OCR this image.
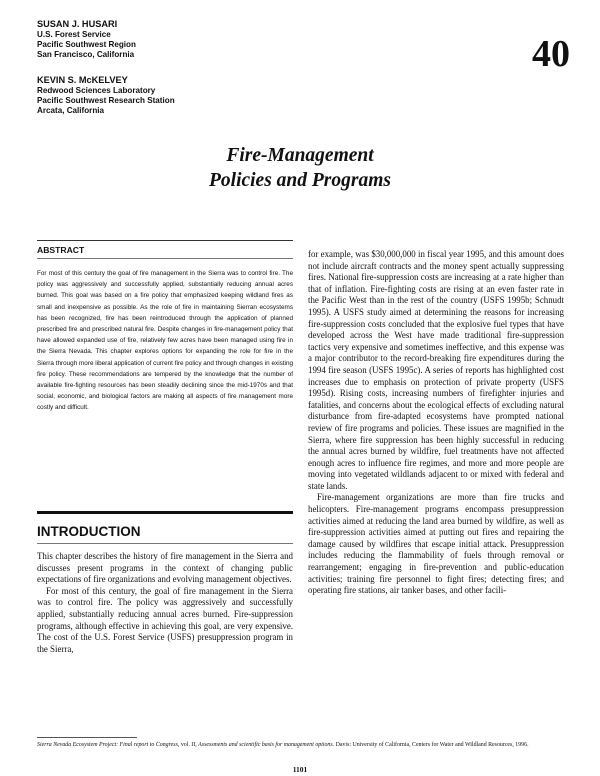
SUSAN J. HUSARI
U.S. Forest Service
Pacific Southwest Region
San Francisco, California
KEVIN S. McKELVEY
Redwood Sciences Laboratory
Pacific Southwest Research Station
Arcata, California
40
Fire-Management
Policies and Programs
ABSTRACT
For most of this century the goal of fire management in the Sierra was to control fire. The policy was aggressively and successfully applied, substantially reducing annual acres burned. This goal was based on a fire policy that emphasized keeping wildland fires as small and inexpensive as possible. As the role of fire in maintaining Sierran ecosystems has been recognized, fire has been reintroduced through the application of planned prescribed fire and prescribed natural fire. Despite changes in fire-management policy that have allowed expanded use of fire, relatively few acres have been managed using fire in the Sierra Nevada. This chapter explores options for expanding the role for fire in the Sierra through more liberal application of current fire policy and through changes in existing fire policy. These recommendations are tempered by the knowledge that the number of available fire-fighting resources has been steadily declining since the mid-1970s and that social, economic, and biological factors are making all aspects of fire management more costly and difficult.
INTRODUCTION

This chapter describes the history of fire management in the Sierra and discusses present programs in the context of changing public expectations of fire organizations and evolving management objectives.

For most of this century, the goal of fire management in the Sierra was to control fire. The policy was aggressively and successfully applied, substantially reducing annual acres burned. Fire-suppression programs, although effective in achieving this goal, are very expensive. The cost of the U.S. Forest Service (USFS) presuppression program in the Sierra,

for example, was $30,000,000 in fiscal year 1995, and this amount does not include aircraft contracts and the money spent actually suppressing fires. National fire-suppression costs are increasing at a rate higher than that of inflation. Fire-fighting costs are rising at an even faster rate in the Pacific West than in the rest of the country (USFS 1995b; Schnudt 1995). A USFS study aimed at determining the reasons for increasing fire-suppression costs concluded that the explosive fuel types that have developed across the West have made traditional fire-suppression tactics very expensive and sometimes ineffective, and this expense was a major contributor to the record-breaking fire expenditures during the 1994 fire season (USFS 1995c). A series of reports has highlighted cost increases due to emphasis on protection of private property (USFS 1995d). Rising costs, increasing numbers of firefighter injuries and fatalities, and concerns about the ecological effects of excluding natural disturbance from fire-adapted ecosystems have prompted national review of fire programs and policies. These issues are magnified in the Sierra, where fire suppression has been highly successful in reducing the annual acres burned by wildfire, fuel treatments have not affected enough acres to influence fire regimes, and more and more people are moving into vegetated wildlands adjacent to or mixed with federal and state lands.

Fire-management organizations are more than fire trucks and helicopters. Fire-management programs encompass presuppression activities aimed at reducing the land area burned by wildfire, as well as fire-suppression activities aimed at putting out fires and repairing the damage caused by wildfires that escape initial attack. Presuppression includes reducing the flammability of fuels through removal or rearrangement; engaging in fire-prevention and public-education activities; training fire personnel to fight fires; detecting fires; and operating fire stations, air tanker bases, and other facili-

Sierra Nevada Ecosystem Project: Final report to Congress, vol. II, Assessments and scientific basis for management options. Davis: University of California, Centers for Water and Wildland Resources, 1996.
1101
